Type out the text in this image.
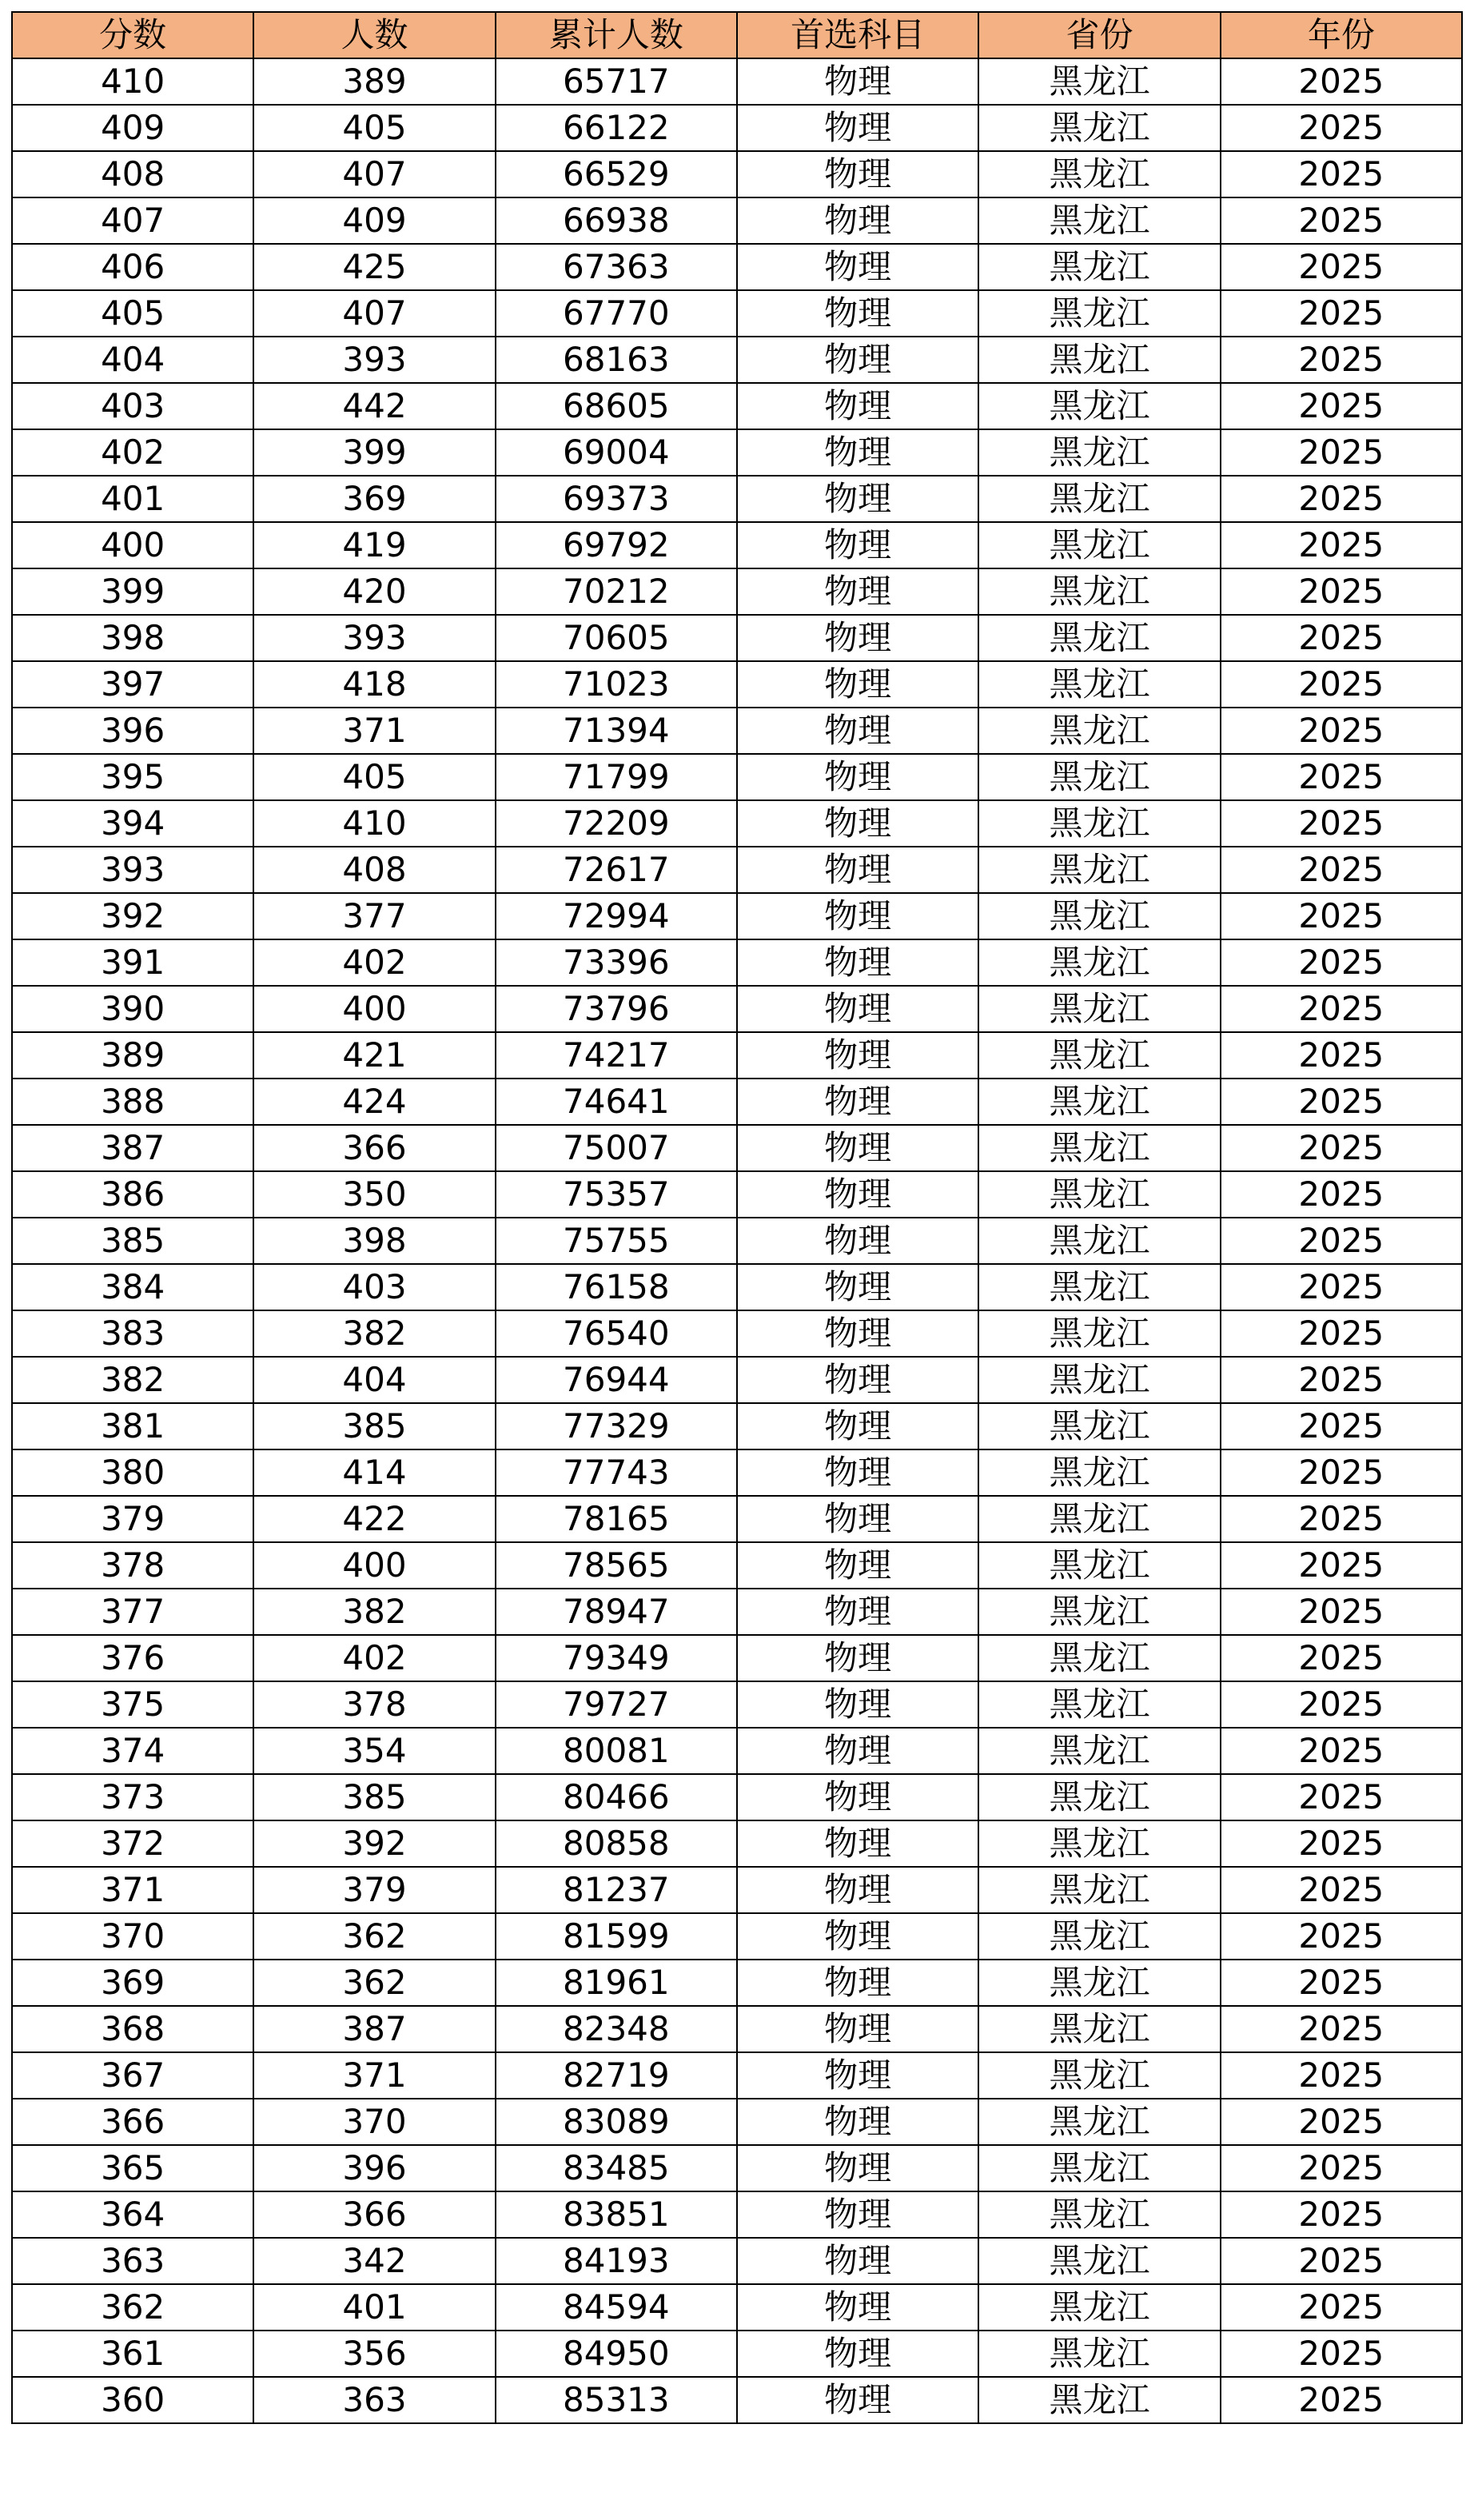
分数	人数	累计人数	首选科目	省份	年份
410	389	65717	物理	黑龙江	2025
409	405	66122	物理	黑龙江	2025
408	407	66529	物理	黑龙江	2025
407	409	66938	物理	黑龙江	2025
406	425	67363	物理	黑龙江	2025
405	407	67770	物理	黑龙江	2025
404	393	68163	物理	黑龙江	2025
403	442	68605	物理	黑龙江	2025
402	399	69004	物理	黑龙江	2025
401	369	69373	物理	黑龙江	2025
400	419	69792	物理	黑龙江	2025
399	420	70212	物理	黑龙江	2025
398	393	70605	物理	黑龙江	2025
397	418	71023	物理	黑龙江	2025
396	371	71394	物理	黑龙江	2025
395	405	71799	物理	黑龙江	2025
394	410	72209	物理	黑龙江	2025
393	408	72617	物理	黑龙江	2025
392	377	72994	物理	黑龙江	2025
391	402	73396	物理	黑龙江	2025
390	400	73796	物理	黑龙江	2025
389	421	74217	物理	黑龙江	2025
388	424	74641	物理	黑龙江	2025
387	366	75007	物理	黑龙江	2025
386	350	75357	物理	黑龙江	2025
385	398	75755	物理	黑龙江	2025
384	403	76158	物理	黑龙江	2025
383	382	76540	物理	黑龙江	2025
382	404	76944	物理	黑龙江	2025
381	385	77329	物理	黑龙江	2025
380	414	77743	物理	黑龙江	2025
379	422	78165	物理	黑龙江	2025
378	400	78565	物理	黑龙江	2025
377	382	78947	物理	黑龙江	2025
376	402	79349	物理	黑龙江	2025
375	378	79727	物理	黑龙江	2025
374	354	80081	物理	黑龙江	2025
373	385	80466	物理	黑龙江	2025
372	392	80858	物理	黑龙江	2025
371	379	81237	物理	黑龙江	2025
370	362	81599	物理	黑龙江	2025
369	362	81961	物理	黑龙江	2025
368	387	82348	物理	黑龙江	2025
367	371	82719	物理	黑龙江	2025
366	370	83089	物理	黑龙江	2025
365	396	83485	物理	黑龙江	2025
364	366	83851	物理	黑龙江	2025
363	342	84193	物理	黑龙江	2025
362	401	84594	物理	黑龙江	2025
361	356	84950	物理	黑龙江	2025
360	363	85313	物理	黑龙江	2025
